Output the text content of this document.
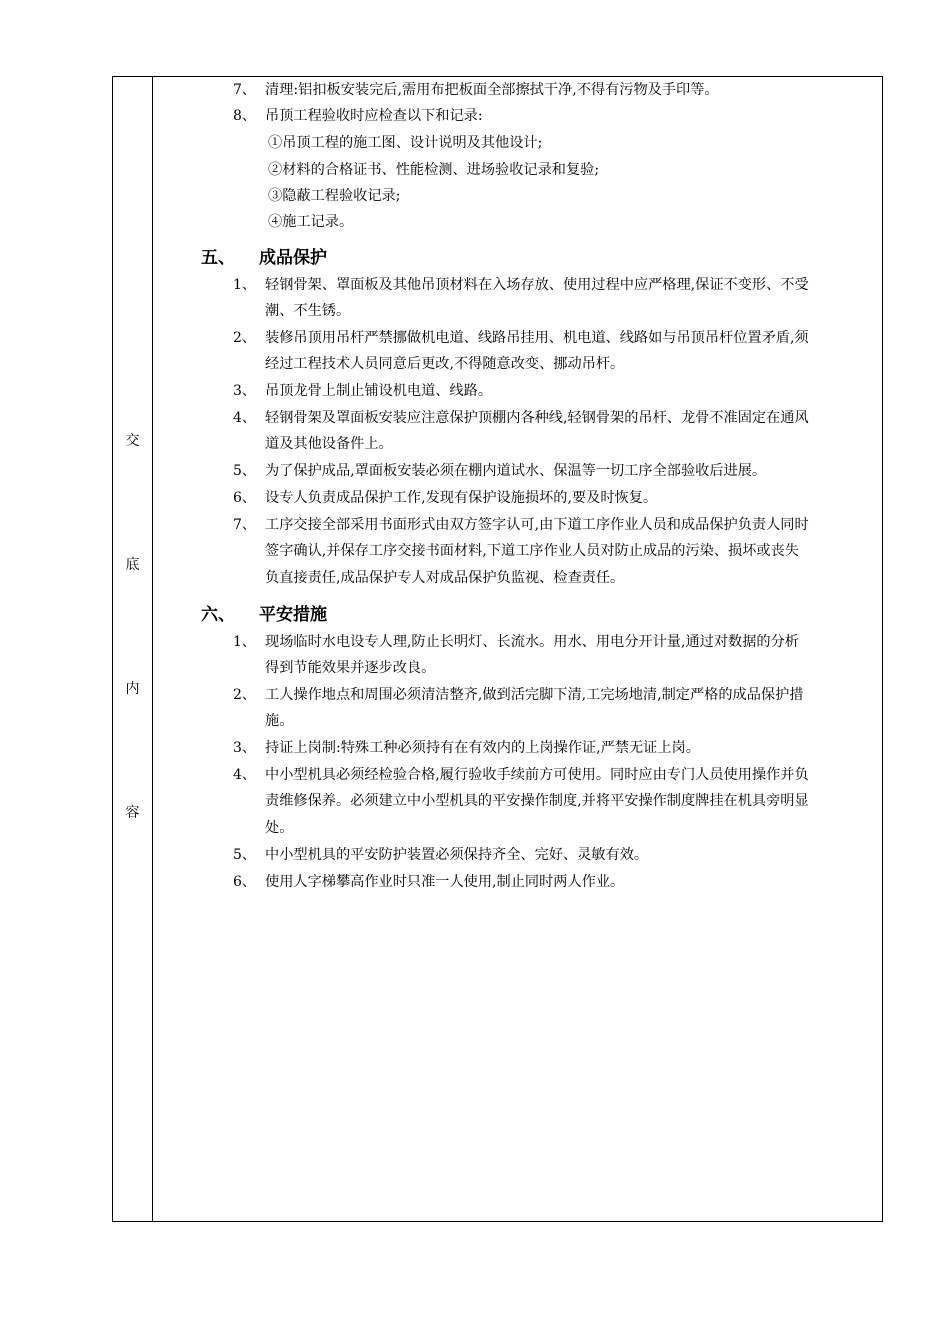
交
底
内
容
7、 清理:铝扣板安装完后,需用布把板面全部擦拭干净,不得有污物及手印等。
8、 吊顶工程验收时应检查以下和记录:
①吊顶工程的施工图、设计说明及其他设计;
②材料的合格证书、性能检测、进场验收记录和复验;
③隐蔽工程验收记录;
④施工记录。
五、 成品保护
1、 轻钢骨架、罩面板及其他吊顶材料在入场存放、使用过程中应严格理,保证不变形、不受
潮、不生锈。
2、 装修吊顶用吊杆严禁挪做机电道、线路吊挂用、机电道、线路如与吊顶吊杆位置矛盾,须
经过工程技术人员同意后更改,不得随意改变、挪动吊杆。
3、 吊顶龙骨上制止铺设机电道、线路。
4、 轻钢骨架及罩面板安装应注意保护顶棚内各种线,轻钢骨架的吊杆、龙骨不准固定在通风
道及其他设备件上。
5、 为了保护成品,罩面板安装必须在棚内道试水、保温等一切工序全部验收后进展。
6、 设专人负责成品保护工作,发现有保护设施损坏的,要及时恢复。
7、 工序交接全部采用书面形式由双方签字认可,由下道工序作业人员和成品保护负责人同时
签字确认,并保存工序交接书面材料,下道工序作业人员对防止成品的污染、损坏或丧失
负直接责任,成品保护专人对成品保护负监视、检查责任。
六、 平安措施
1、 现场临时水电设专人理,防止长明灯、长流水。用水、用电分开计量,通过对数据的分析
得到节能效果并逐步改良。
2、 工人操作地点和周围必须清洁整齐,做到活完脚下清,工完场地清,制定严格的成品保护措
施。
3、 持证上岗制:特殊工种必须持有在有效内的上岗操作证,严禁无证上岗。
4、 中小型机具必须经检验合格,履行验收手续前方可使用。同时应由专门人员使用操作并负
责维修保养。必须建立中小型机具的平安操作制度,并将平安操作制度牌挂在机具旁明显
处。
5、 中小型机具的平安防护装置必须保持齐全、完好、灵敏有效。
6、 使用人字梯攀高作业时只准一人使用,制止同时两人作业。
